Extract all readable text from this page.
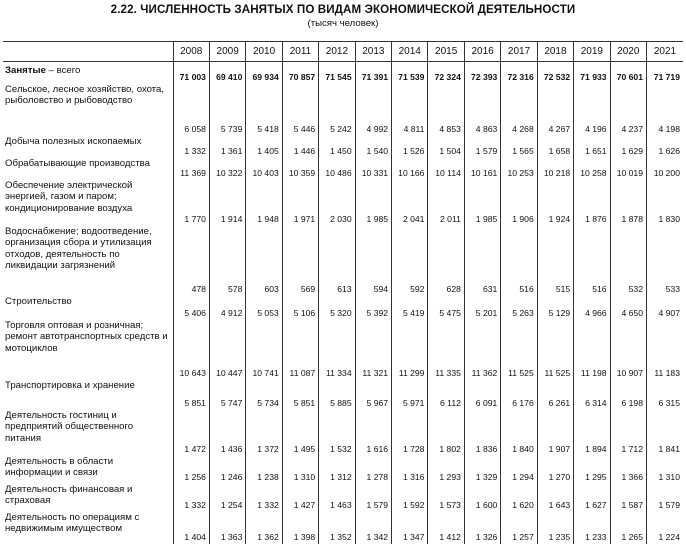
2.22. ЧИСЛЕННОСТЬ ЗАНЯТЫХ ПО ВИДАМ ЭКОНОМИЧЕСКОЙ ДЕЯТЕЛЬНОСТИ
(тысяч человек)
	2008	2009	2010	2011	2012	2013	2014	2015	2016	2017	2018	2019	2020	2021
Занятые – всего	71 003	69 410	69 934	70 857	71 545	71 391	71 539	72 324	72 393	72 316	72 532	71 933	70 601	71 719
Сельское, лесное хозяйство, охота, рыболовство и рыбоводство	6 058	5 739	5 418	5 446	5 242	4 992	4 811	4 853	4 863	4 268	4 267	4 196	4 237	4 198
Добыча полезных ископаемых	1 332	1 361	1 405	1 446	1 450	1 540	1 526	1 504	1 579	1 565	1 658	1 651	1 629	1 626
Обрабатывающие производства	11 369	10 322	10 403	10 359	10 486	10 331	10 166	10 114	10 161	10 253	10 218	10 258	10 019	10 200
Обеспечение электрической энергией, газом и паром; кондиционирование воздуха	1 770	1 914	1 948	1 971	2 030	1 985	2 041	2 011	1 985	1 906	1 924	1 876	1 878	1 830
Водоснабжение; водоотведение, организация сбора и утилизация отходов, деятельность по ликвидации загрязнений	478	578	603	569	613	594	592	628	631	516	515	516	532	533
Строительство	5 406	4 912	5 053	5 106	5 320	5 392	5 419	5 475	5 201	5 263	5 129	4 966	4 650	4 907
Торговля оптовая и розничная; ремонт автотранспортных средств и мотоциклов	10 643	10 447	10 741	11 087	11 334	11 321	11 299	11 335	11 362	11 525	11 525	11 198	10 907	11 183
Транспортировка и хранение	5 851	5 747	5 734	5 851	5 885	5 967	5 971	6 112	6 091	6 176	6 261	6 314	6 198	6 315
Деятельность гостиниц и предприятий общественного питания	1 472	1 436	1 372	1 495	1 532	1 616	1 728	1 802	1 836	1 840	1 907	1 894	1 712	1 841
Деятельность в области информации и связи	1 256	1 246	1 238	1 310	1 312	1 278	1 316	1 293	1 329	1 294	1 270	1 295	1 366	1 310
Деятельность финансовая и страховая	1 332	1 254	1 332	1 427	1 463	1 579	1 592	1 573	1 600	1 620	1 643	1 627	1 587	1 579
Деятельность по операциям с недвижимым имуществом	1 404	1 363	1 362	1 398	1 352	1 342	1 347	1 412	1 326	1 257	1 235	1 233	1 265	1 224
